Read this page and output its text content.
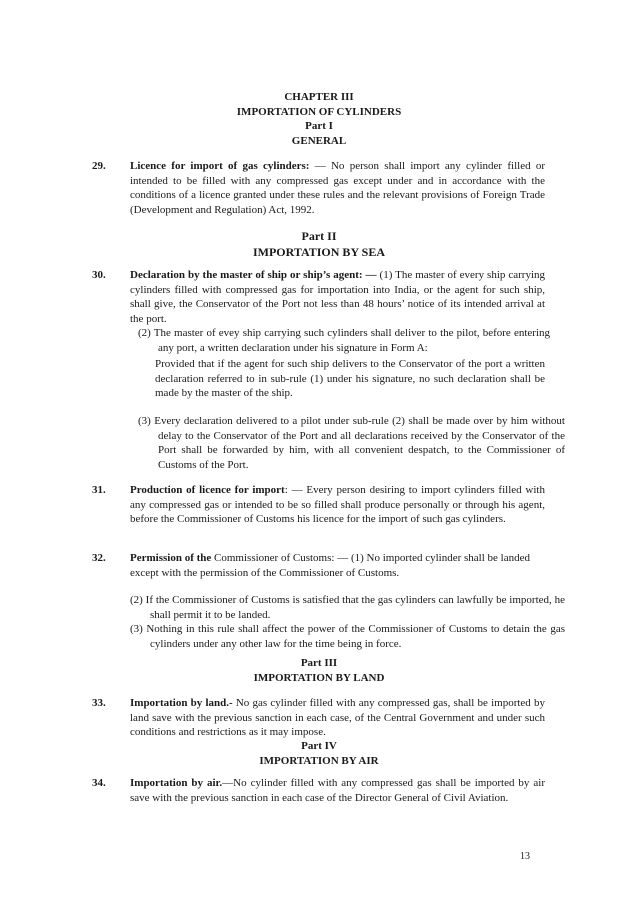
CHAPTER III
IMPORTATION OF CYLINDERS
Part I
GENERAL
29. Licence for import of gas cylinders: — No person shall import any cylinder filled or intended to be filled with any compressed gas except under and in accordance with the conditions of a licence granted under these rules and the relevant provisions of Foreign Trade (Development and Regulation) Act, 1992.
Part II
IMPORTATION BY SEA
30. Declaration by the master of ship or ship’s agent: — (1) The master of every ship carrying cylinders filled with compressed gas for importation into India, or the agent for such ship, shall give, the Conservator of the Port not less than 48 hours’ notice of its intended arrival at the port.
(2) The master of evey ship carrying such cylinders shall deliver to the pilot, before entering any port, a written declaration under his signature in Form A:
Provided that if the agent for such ship delivers to the Conservator of the port a written declaration referred to in sub-rule (1) under his signature, no such declaration shall be made by the master of the ship.
(3) Every declaration delivered to a pilot under sub-rule (2) shall be made over by him without delay to the Conservator of the Port and all declarations received by the Conservator of the Port shall be forwarded by him, with all convenient despatch, to the Commissioner of Customs of the Port.
31. Production of licence for import: — Every person desiring to import cylinders filled with any compressed gas or intended to be so filled shall produce personally or through his agent, before the Commissioner of Customs his licence for the import of such gas cylinders.
32. Permission of the Commissioner of Customs: — (1) No imported cylinder shall be landed except with the permission of the Commissioner of Customs.
(2) If the Commissioner of Customs is satisfied that the gas cylinders can lawfully be imported, he shall permit it to be landed.
(3) Nothing in this rule shall affect the power of the Commissioner of Customs to detain the gas cylinders under any other law for the time being in force.
Part III
IMPORTATION BY LAND
33. Importation by land.- No gas cylinder filled with any compressed gas, shall be imported by land save with the previous sanction in each case, of the Central Government and under such conditions and restrictions as it may impose.
Part IV
IMPORTATION BY AIR
34. Importation by air.—No cylinder filled with any compressed gas shall be imported by air save with the previous sanction in each case of the Director General of Civil Aviation.
13
